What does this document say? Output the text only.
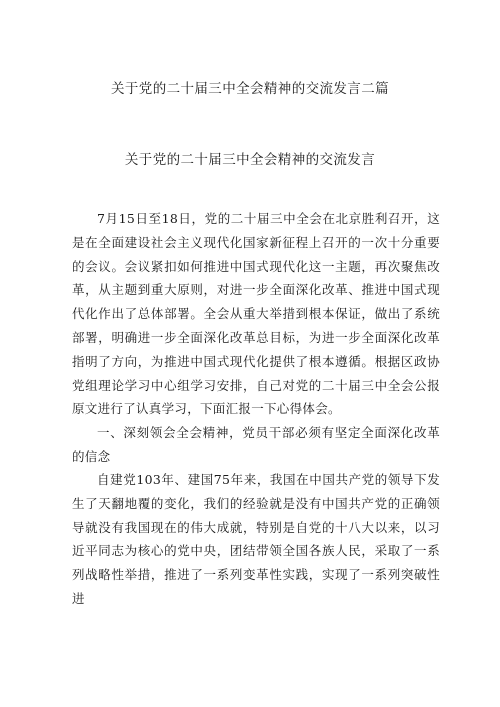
关于党的二十届三中全会精神的交流发言二篇
关于党的二十届三中全会精神的交流发言

7月15日至18日，党的二十届三中全会在北京胜利召开，这是在全面建设社会主义现代化国家新征程上召开的一次十分重要的会议。会议紧扣如何推进中国式现代化这一主题，再次聚焦改革，从主题到重大原则，对进一步全面深化改革、推进中国式现代化作出了总体部署。全会从重大举措到根本保证，做出了系统部署，明确进一步全面深化改革总目标，为进一步全面深化改革指明了方向，为推进中国式现代化提供了根本遵循。根据区政协党组理论学习中心组学习安排，自己对党的二十届三中全会公报原文进行了认真学习，下面汇报一下心得体会。

一、深刻领会全会精神，党员干部必须有坚定全面深化改革的信念

自建党103年、建国75年来，我国在中国共产党的领导下发生了天翻地覆的变化，我们的经验就是没有中国共产党的正确领导就没有我国现在的伟大成就，特别是自党的十八大以来，以习近平同志为核心的党中央，团结带领全国各族人民，采取了一系列战略性举措，推进了一系列变革性实践，实现了一系列突破性进
